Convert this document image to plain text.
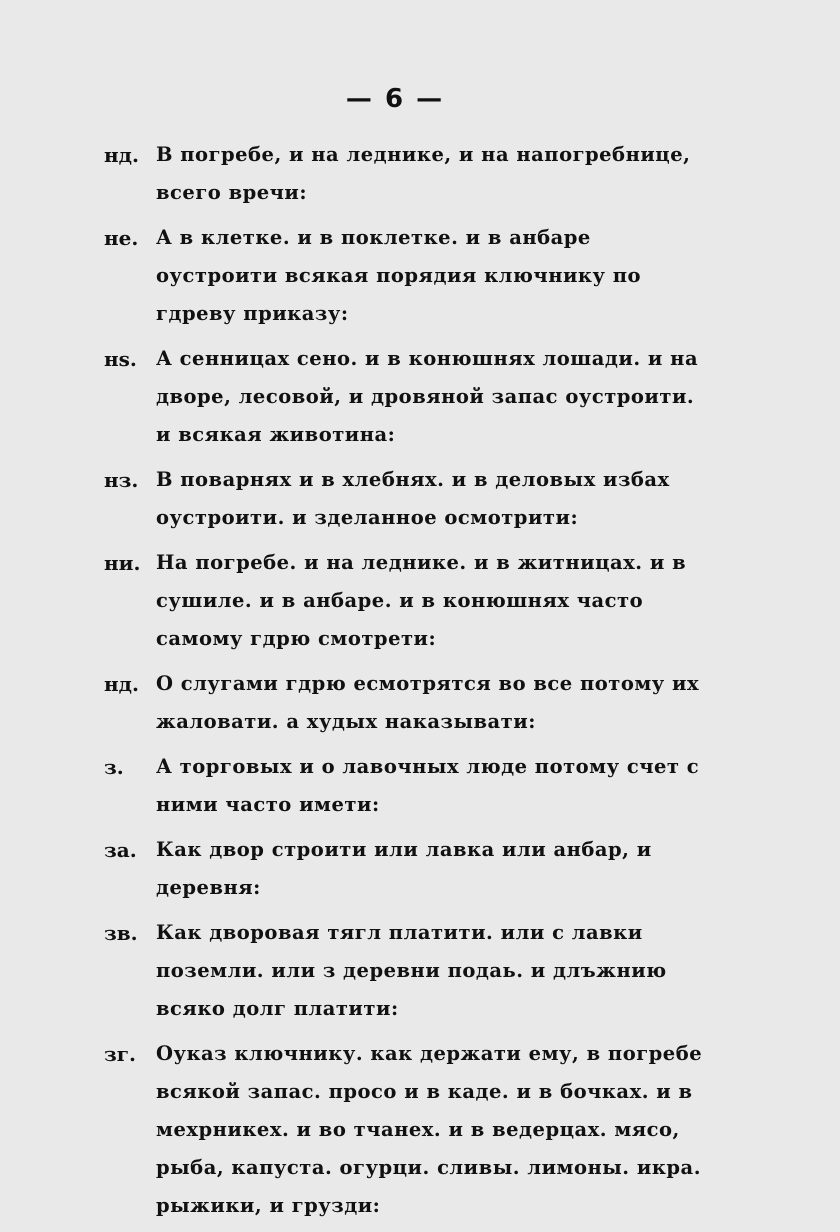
— 6 —
нд. В погребе, и на леднике, и на напогребнице, всего вречи:
не. А в клетке. и в поклетке. и в анбаре оустроити всякая порядия ключнику по гдреву приказу:
нs. А сенницах сено. и в конюшнях лошади. и на дворе, лесовой, и дровяной запас оустроити. и всякая животина:
нз. В поварнях и в хлебнях. и в деловых избах оустроити. и зделанное осмотрити:
ни. На погребе. и на леднике. и в житницах. и в сушиле. и в анбаре. и в конюшнях часто самому гдрю смотрети:
нд. О слугами гдрю есмотрятся во все потому их жаловати. а худых наказывати:
з.	А торговых и о лавочных люде потому счет с ними часто имети:
за. Как двор строити или лавка или анбар, и деревня:
зв. Как дворовая тягл платити. или с лавки поземли. или з деревни подаь. и длъжнию всяко долг платити:
зг.	Оуказ ключнику. как держати ему, в погребе всякой запас. просо и в каде. и в бочках. и в мехрникех. и во тчанех. и в ведерцах. мясо, рыба, капуста. огурци. сливы. лимоны. икра. рыжики, и грузди:
